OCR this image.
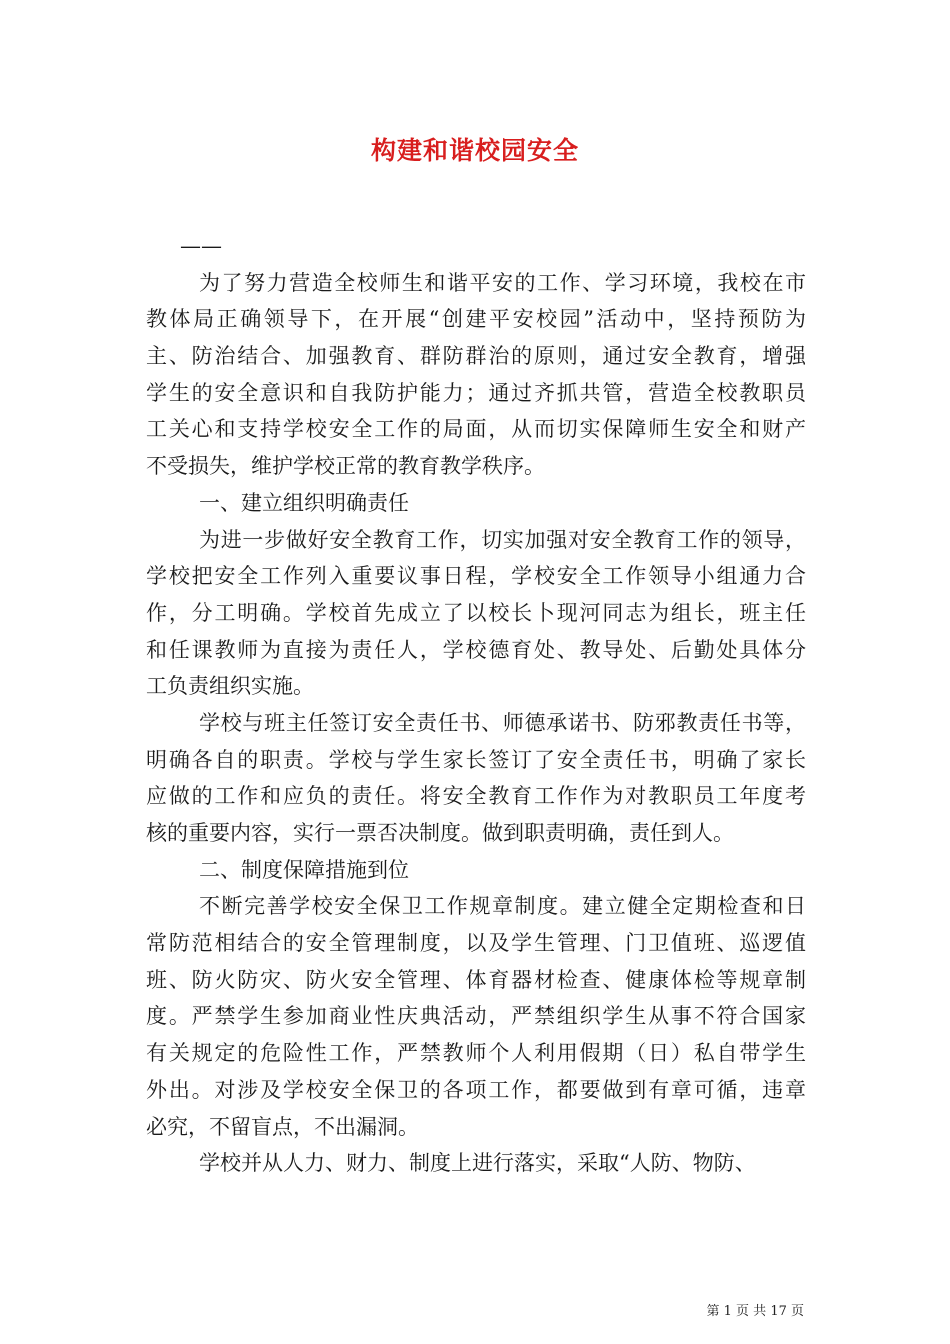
构建和谐校园安全
——
为了努力营造全校师生和谐平安的工作、学习环境，我校在市
教体局正确领导下，在开展“创建平安校园”活动中，坚持预防为
主、防治结合、加强教育、群防群治的原则，通过安全教育，增强
学生的安全意识和自我防护能力；通过齐抓共管，营造全校教职员
工关心和支持学校安全工作的局面，从而切实保障师生安全和财产
不受损失，维护学校正常的教育教学秩序。
一、建立组织明确责任
为进一步做好安全教育工作，切实加强对安全教育工作的领导，
学校把安全工作列入重要议事日程，学校安全工作领导小组通力合
作，分工明确。学校首先成立了以校长卜现河同志为组长，班主任
和任课教师为直接为责任人，学校德育处、教导处、后勤处具体分
工负责组织实施。
学校与班主任签订安全责任书、师德承诺书、防邪教责任书等，
明确各自的职责。学校与学生家长签订了安全责任书，明确了家长
应做的工作和应负的责任。将安全教育工作作为对教职员工年度考
核的重要内容，实行一票否决制度。做到职责明确，责任到人。
二、制度保障措施到位
不断完善学校安全保卫工作规章制度。建立健全定期检查和日
常防范相结合的安全管理制度，以及学生管理、门卫值班、巡逻值
班、防火防灾、防火安全管理、体育器材检查、健康体检等规章制
度。严禁学生参加商业性庆典活动，严禁组织学生从事不符合国家
有关规定的危险性工作，严禁教师个人利用假期（日）私自带学生
外出。对涉及学校安全保卫的各项工作，都要做到有章可循，违章
必究，不留盲点，不出漏洞。
学校并从人力、财力、制度上进行落实，采取“人防、物防、
第 1 页 共 17 页
